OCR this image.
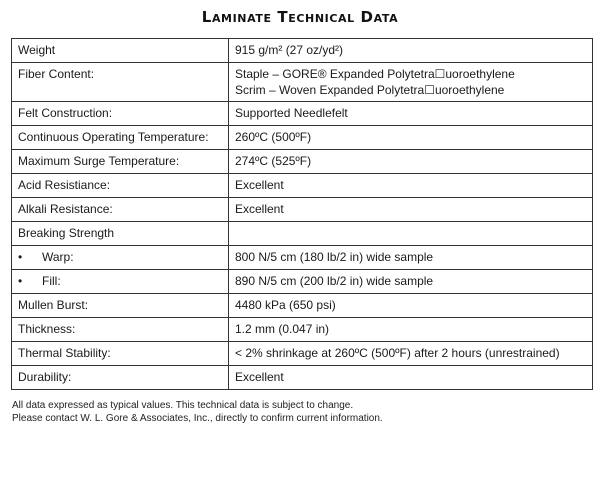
Laminate Technical Data
Weight	915 g/m² (27 oz/yd²)
Fiber Content:	Staple – GORE® Expanded Polytetra☐uoroethylene
Scrim – Woven Expanded Polytetra☐uoroethylene

Felt Construction:	Supported Needlefelt
Continuous Operating Temperature:	260ºC (500ºF)
Maximum Surge Temperature:	274ºC (525ºF)
Acid Resistiance:	Excellent
Alkali Resistance:	Excellent
Breaking Strength	
• Warp:	800 N/5 cm (180 lb/2 in) wide sample
• Fill:	890 N/5 cm (200 lb/2 in) wide sample
Mullen Burst:	4480 kPa (650 psi)
Thickness:	1.2 mm (0.047 in)
Thermal Stability:	< 2% shrinkage at 260ºC (500ºF) after 2 hours (unrestrained)
Durability:	Excellent
All data expressed as typical values. This technical data is subject to change.
Please contact W. L. Gore & Associates, Inc., directly to confirm current information.
